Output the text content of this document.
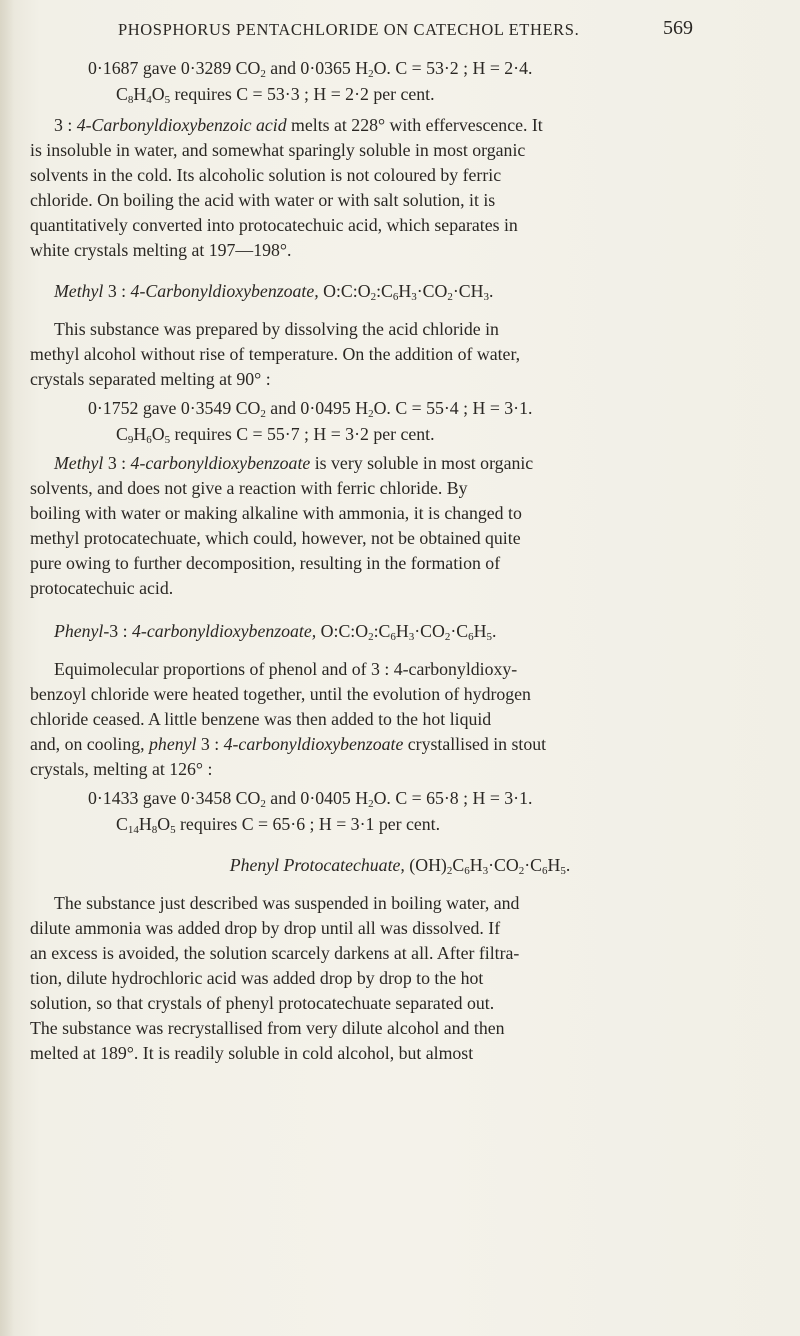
PHOSPHORUS PENTACHLORIDE ON CATECHOL ETHERS.	569
0·1687 gave 0·3289 $CO_2$ and 0·0365 $H_2O$. C = 53·2 ; H = 2·4.
$C_8H_4O_5$ requires C = 53·3 ; H = 2·2 per cent.
3 : 4-Carbonyldioxybenzoic acid melts at 228° with effervescence. It
is insoluble in water, and somewhat sparingly soluble in most organic
solvents in the cold. Its alcoholic solution is not coloured by ferric
chloride. On boiling the acid with water or with salt solution, it is
quantitatively converted into protocatechuic acid, which separates in
white crystals melting at 197—198°.
Methyl 3 : 4-Carbonyldioxybenzoate, $O:C:O_2:C_6H_3\cdot CO_2\cdot CH_3$.
This substance was prepared by dissolving the acid chloride in
methyl alcohol without rise of temperature. On the addition of water,
crystals separated melting at 90° :
0·1752 gave 0·3549 $CO_2$ and 0·0495 $H_2O$. C = 55·4 ; H = 3·1.
$C_9H_6O_5$ requires C = 55·7 ; H = 3·2 per cent.
Methyl 3 : 4-carbonyldioxybenzoate is very soluble in most organic
solvents, and does not give a reaction with ferric chloride. By
boiling with water or making alkaline with ammonia, it is changed to
methyl protocatechuate, which could, however, not be obtained quite
pure owing to further decomposition, resulting in the formation of
protocatechuic acid.
Phenyl-3 : 4-carbonyldioxybenzoate, $O:C:O_2:C_6H_3\cdot CO_2\cdot C_6H_5$.
Equimolecular proportions of phenol and of 3 : 4-carbonyldioxy-
benzoyl chloride were heated together, until the evolution of hydrogen
chloride ceased. A little benzene was then added to the hot liquid
and, on cooling, phenyl 3 : 4-carbonyldioxybenzoate crystallised in stout
crystals, melting at 126° :
0·1433 gave 0·3458 $CO_2$ and 0·0405 $H_2O$. C = 65·8 ; H = 3·1.
$C_{14}H_8O_5$ requires C = 65·6 ; H = 3·1 per cent.
Phenyl Protocatechuate, $(OH)_2C_6H_3\cdot CO_2\cdot C_6H_5$.
The substance just described was suspended in boiling water, and
dilute ammonia was added drop by drop until all was dissolved. If
an excess is avoided, the solution scarcely darkens at all. After filtra-
tion, dilute hydrochloric acid was added drop by drop to the hot
solution, so that crystals of phenyl protocatechuate separated out.
The substance was recrystallised from very dilute alcohol and then
melted at 189°. It is readily soluble in cold alcohol, but almost
